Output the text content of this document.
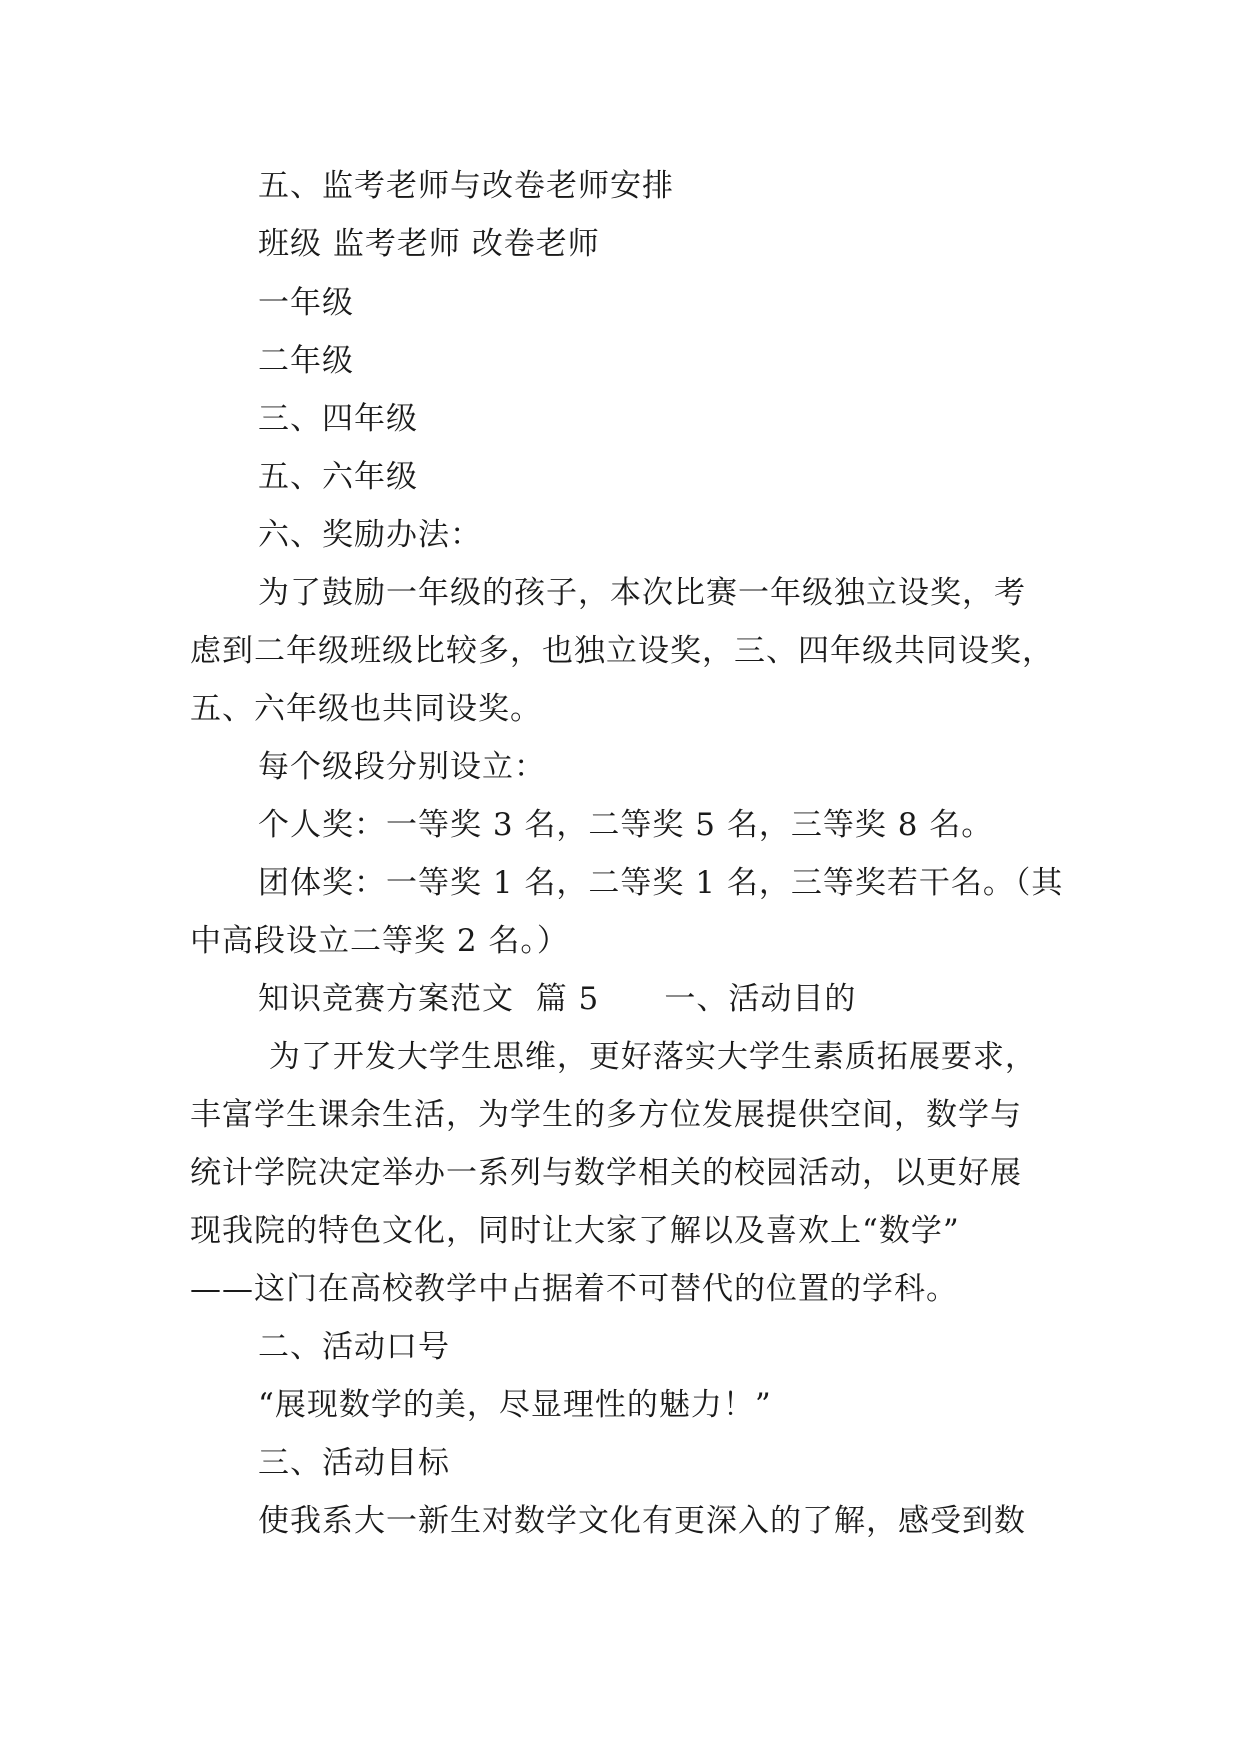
五、监考老师与改卷老师安排
班级 监考老师 改卷老师
一年级
二年级
三、四年级
五、六年级
六、奖励办法：
为了鼓励一年级的孩子，本次比赛一年级独立设奖，考
虑到二年级班级比较多，也独立设奖，三、四年级共同设奖，
五、六年级也共同设奖。
每个级段分别设立：
个人奖：一等奖 3 名，二等奖 5 名，三等奖 8 名。
团体奖：一等奖 1 名，二等奖 1 名，三等奖若干名。（其
中高段设立二等奖 2 名。）
知识竞赛方案范文  篇 5      一、活动目的
为了开发大学生思维，更好落实大学生素质拓展要求，
丰富学生课余生活，为学生的多方位发展提供空间，数学与
统计学院决定举办一系列与数学相关的校园活动，以更好展
现我院的特色文化，同时让大家了解以及喜欢上“数学”
——这门在高校教学中占据着不可替代的位置的学科。
二、活动口号
“展现数学的美，尽显理性的魅力！”
三、活动目标
使我系大一新生对数学文化有更深入的了解，感受到数
